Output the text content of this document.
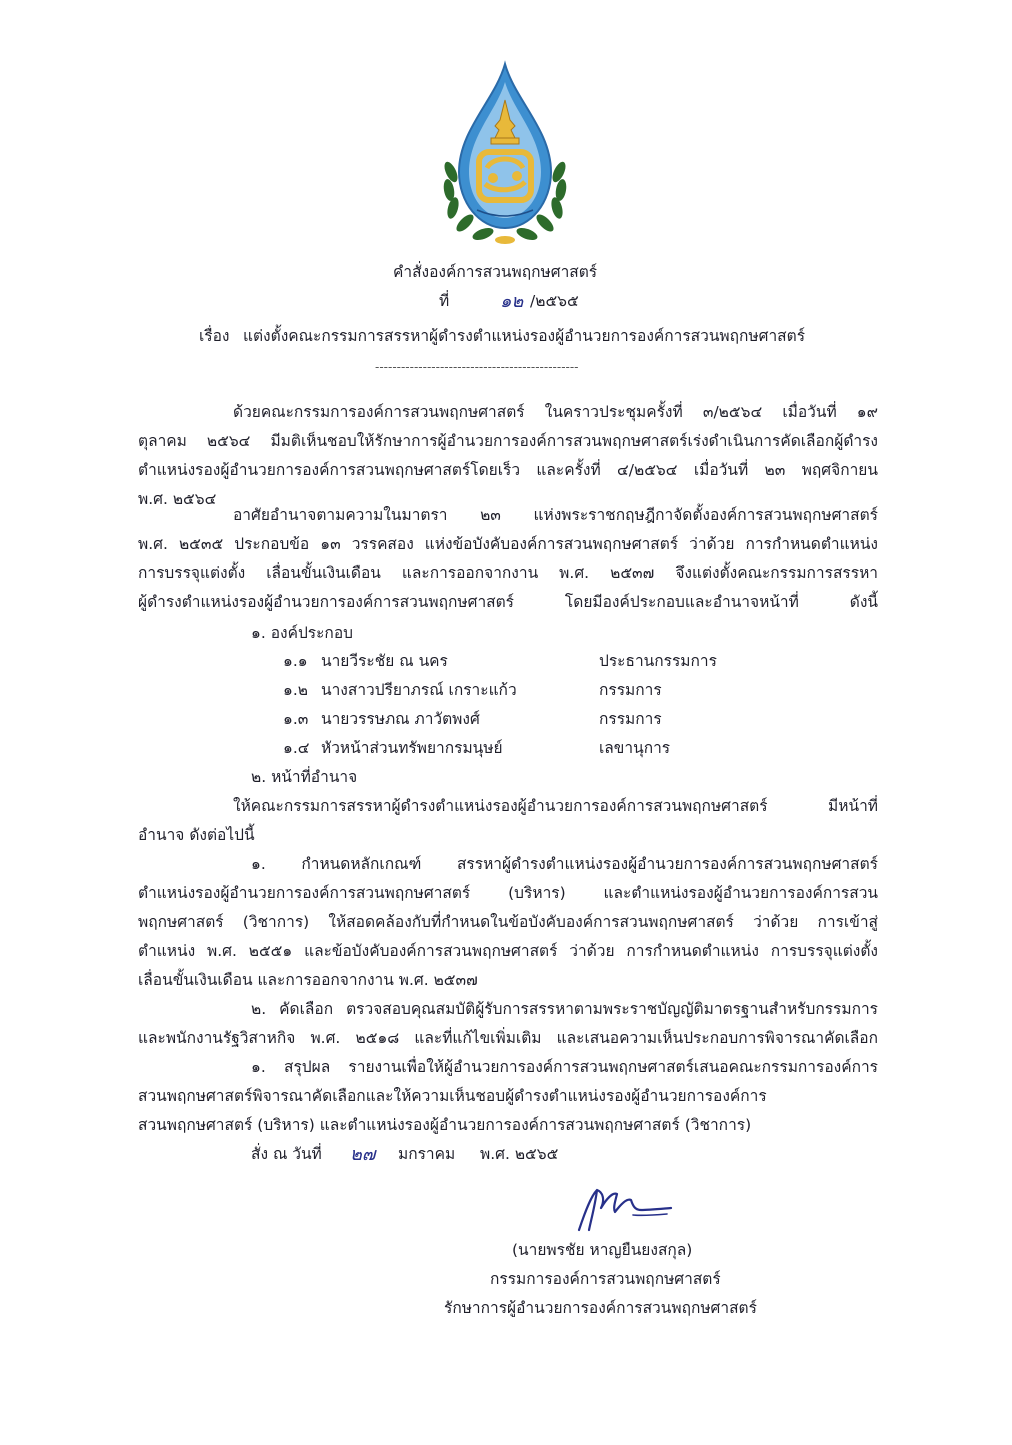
คำสั่งองค์การสวนพฤกษศาสตร์
ที่	๑๒ /๒๕๖๕
เรื่อง แต่งตั้งคณะกรรมการสรรหาผู้ดำรงตำแหน่งรองผู้อำนวยการองค์การสวนพฤกษศาสตร์
-----------------------------------------------
ด้วยคณะกรรมการองค์การสวนพฤกษศาสตร์ ในคราวประชุมครั้งที่ ๓/๒๕๖๔ เมื่อวันที่ ๑๙
ตุลาคม ๒๕๖๔ มีมติเห็นชอบให้รักษาการผู้อำนวยการองค์การสวนพฤกษศาสตร์เร่งดำเนินการคัดเลือกผู้ดำรง
ตำแหน่งรองผู้อำนวยการองค์การสวนพฤกษศาสตร์โดยเร็ว และครั้งที่ ๔/๒๕๖๔ เมื่อวันที่ ๒๓ พฤศจิกายน
พ.ศ. ๒๕๖๔
อาศัยอำนาจตามความในมาตรา ๒๓ แห่งพระราชกฤษฎีกาจัดตั้งองค์การสวนพฤกษศาสตร์
พ.ศ. ๒๕๓๕ ประกอบข้อ ๑๓ วรรคสอง แห่งข้อบังคับองค์การสวนพฤกษศาสตร์ ว่าด้วย การกำหนดตำแหน่ง
การบรรจุแต่งตั้ง เลื่อนขั้นเงินเดือน และการออกจากงาน พ.ศ. ๒๕๓๗ จึงแต่งตั้งคณะกรรมการสรรหา
ผู้ดำรงตำแหน่งรองผู้อำนวยการองค์การสวนพฤกษศาสตร์ โดยมีองค์ประกอบและอำนาจหน้าที่ ดังนี้
๑. องค์ประกอบ
๑.๑ นายวีระชัย ณ นคร	ประธานกรรมการ
๑.๒ นางสาวปรียาภรณ์ เกราะแก้ว	กรรมการ
๑.๓ นายวรรษภณ ภาวัตพงศ์	กรรมการ
๑.๔ หัวหน้าส่วนทรัพยากรมนุษย์	เลขานุการ
๒. หน้าที่อำนาจ
ให้คณะกรรมการสรรหาผู้ดำรงตำแหน่งรองผู้อำนวยการองค์การสวนพฤกษศาสตร์ มีหน้าที่
อำนาจ ดังต่อไปนี้
๑. กำหนดหลักเกณฑ์ สรรหาผู้ดำรงตำแหน่งรองผู้อำนวยการองค์การสวนพฤกษศาสตร์
ตำแหน่งรองผู้อำนวยการองค์การสวนพฤกษศาสตร์ (บริหาร) และตำแหน่งรองผู้อำนวยการองค์การสวน
พฤกษศาสตร์ (วิชาการ) ให้สอดคล้องกับที่กำหนดในข้อบังคับองค์การสวนพฤกษศาสตร์ ว่าด้วย การเข้าสู่
ตำแหน่ง พ.ศ. ๒๕๕๑ และข้อบังคับองค์การสวนพฤกษศาสตร์ ว่าด้วย การกำหนดตำแหน่ง การบรรจุแต่งตั้ง
เลื่อนขั้นเงินเดือน และการออกจากงาน พ.ศ. ๒๕๓๗
๒. คัดเลือก ตรวจสอบคุณสมบัติผู้รับการสรรหาตามพระราชบัญญัติมาตรฐานสำหรับกรรมการ
และพนักงานรัฐวิสาหกิจ พ.ศ. ๒๕๑๘ และที่แก้ไขเพิ่มเติม และเสนอความเห็นประกอบการพิจารณาคัดเลือก
๑. สรุปผล รายงานเพื่อให้ผู้อำนวยการองค์การสวนพฤกษศาสตร์เสนอคณะกรรมการองค์การ
สวนพฤกษศาสตร์พิจารณาคัดเลือกและให้ความเห็นชอบผู้ดำรงตำแหน่งรองผู้อำนวยการองค์การ
สวนพฤกษศาสตร์ (บริหาร) และตำแหน่งรองผู้อำนวยการองค์การสวนพฤกษศาสตร์ (วิชาการ)
สั่ง ณ วันที่ ๒๗ มกราคม พ.ศ. ๒๕๖๕
(นายพรชัย หาญยืนยงสกุล)
กรรมการองค์การสวนพฤกษศาสตร์
รักษาการผู้อำนวยการองค์การสวนพฤกษศาสตร์
